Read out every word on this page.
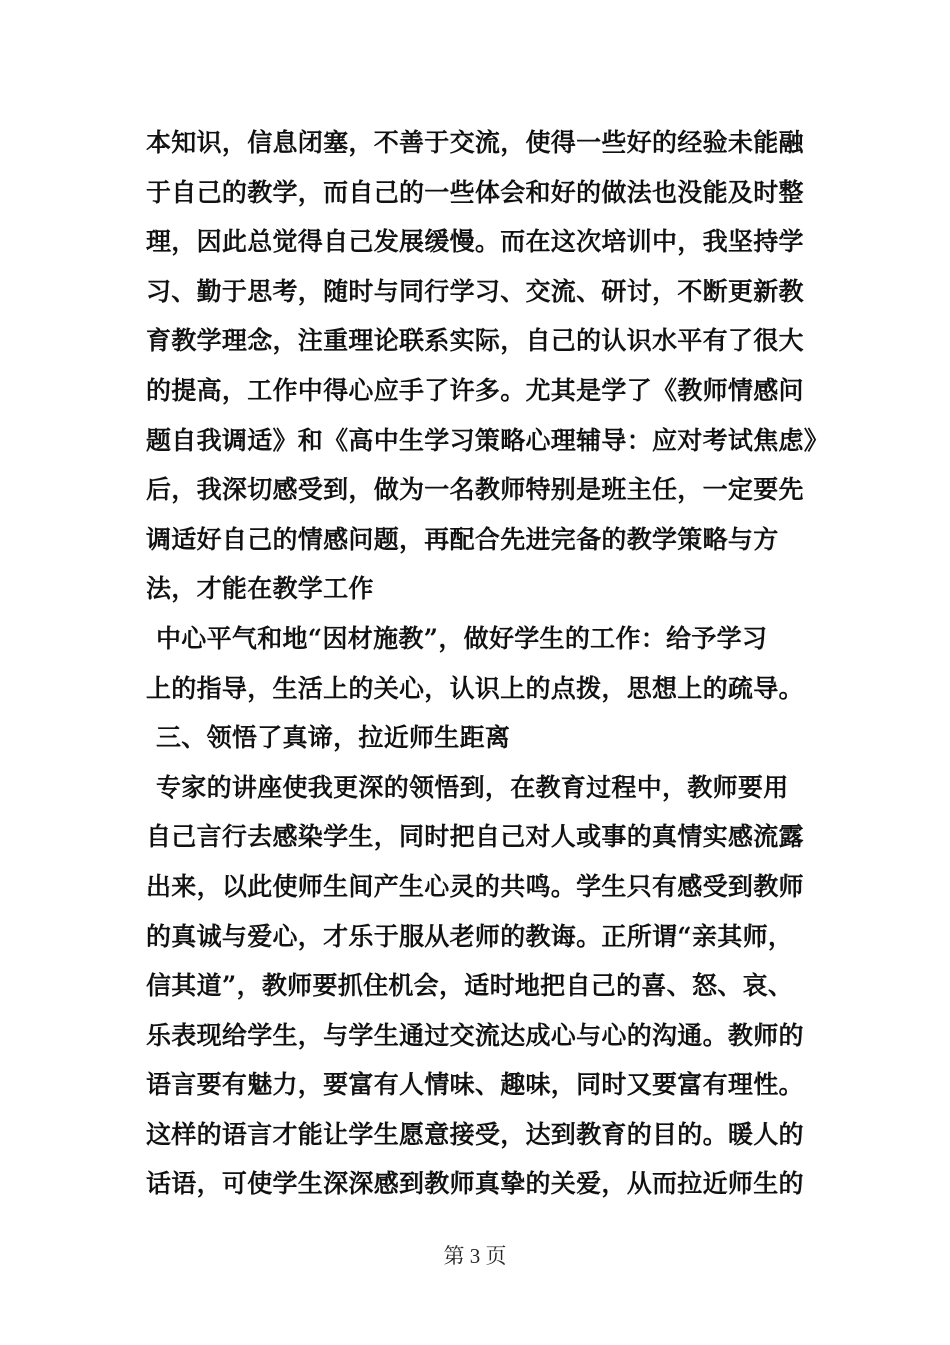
本知识，信息闭塞，不善于交流，使得一些好的经验未能融
于自己的教学，而自己的一些体会和好的做法也没能及时整
理，因此总觉得自己发展缓慢。而在这次培训中，我坚持学
习、勤于思考，随时与同行学习、交流、研讨，不断更新教
育教学理念，注重理论联系实际，自己的认识水平有了很大
的提高，工作中得心应手了许多。尤其是学了《教师情感问
题自我调适》和《高中生学习策略心理辅导：应对考试焦虑》
后，我深切感受到，做为一名教师特别是班主任，一定要先
调适好自己的情感问题，再配合先进完备的教学策略与方
法，才能在教学工作
中心平气和地“因材施教”，做好学生的工作：给予学习
上的指导，生活上的关心，认识上的点拨，思想上的疏导。
三、领悟了真谛，拉近师生距离
专家的讲座使我更深的领悟到，在教育过程中，教师要用
自己言行去感染学生，同时把自己对人或事的真情实感流露
出来，以此使师生间产生心灵的共鸣。学生只有感受到教师
的真诚与爱心，才乐于服从老师的教诲。正所谓“亲其师，
信其道”，教师要抓住机会，适时地把自己的喜、怒、哀、
乐表现给学生，与学生通过交流达成心与心的沟通。教师的
语言要有魅力，要富有人情味、趣味，同时又要富有理性。
这样的语言才能让学生愿意接受，达到教育的目的。暖人的
话语，可使学生深深感到教师真挚的关爱，从而拉近师生的
第 3 页
